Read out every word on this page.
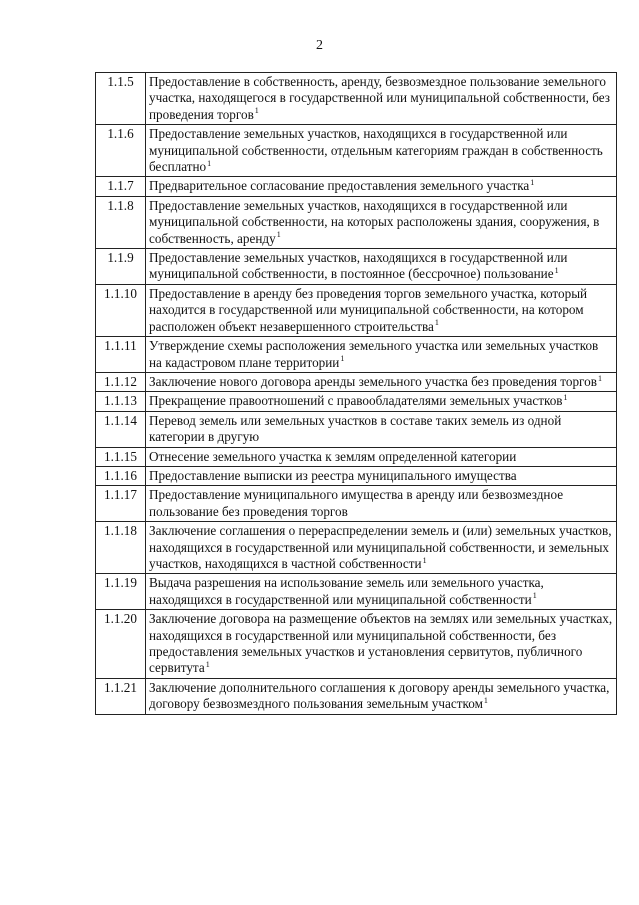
2
1.1.5	Предоставление в собственность, аренду, безвозмездное пользование земельного участка, находящегося в государственной или муниципальной собственности, без проведения торгов$^1$
1.1.6	Предоставление земельных участков, находящихся в государственной или муниципальной собственности, отдельным категориям граждан в собственность бесплатно$^1$
1.1.7	Предварительное согласование предоставления земельного участка$^1$
1.1.8	Предоставление земельных участков, находящихся в государственной или муниципальной собственности, на которых расположены здания, сооружения, в собственность, аренду$^1$
1.1.9	Предоставление земельных участков, находящихся в государственной или муниципальной собственности, в постоянное (бессрочное) пользование$^1$
1.1.10	Предоставление в аренду без проведения торгов земельного участка, который находится в государственной или муниципальной собственности, на котором расположен объект незавершенного строительства$^1$
1.1.11	Утверждение схемы расположения земельного участка или земельных участков на кадастровом плане территории$^1$
1.1.12	Заключение нового договора аренды земельного участка без проведения торгов$^1$
1.1.13	Прекращение правоотношений с правообладателями земельных участков$^1$
1.1.14	Перевод земель или земельных участков в составе таких земель из одной категории в другую
1.1.15	Отнесение земельного участка к землям определенной категории
1.1.16	Предоставление выписки из реестра муниципального имущества
1.1.17	Предоставление муниципального имущества в аренду или безвозмездное пользование без проведения торгов
1.1.18	Заключение соглашения о перераспределении земель и (или) земельных участков, находящихся в государственной или муниципальной собственности, и земельных участков, находящихся в частной собственности$^1$
1.1.19	Выдача разрешения на использование земель или земельного участка, находящихся в государственной или муниципальной собственности$^1$
1.1.20	Заключение договора на размещение объектов на землях или земельных участках, находящихся в государственной или муниципальной собственности, без предоставления земельных участков и установления сервитутов, публичного сервитута$^1$
1.1.21	Заключение дополнительного соглашения к договору аренды земельного участка, договору безвозмездного пользования земельным участком$^1$
